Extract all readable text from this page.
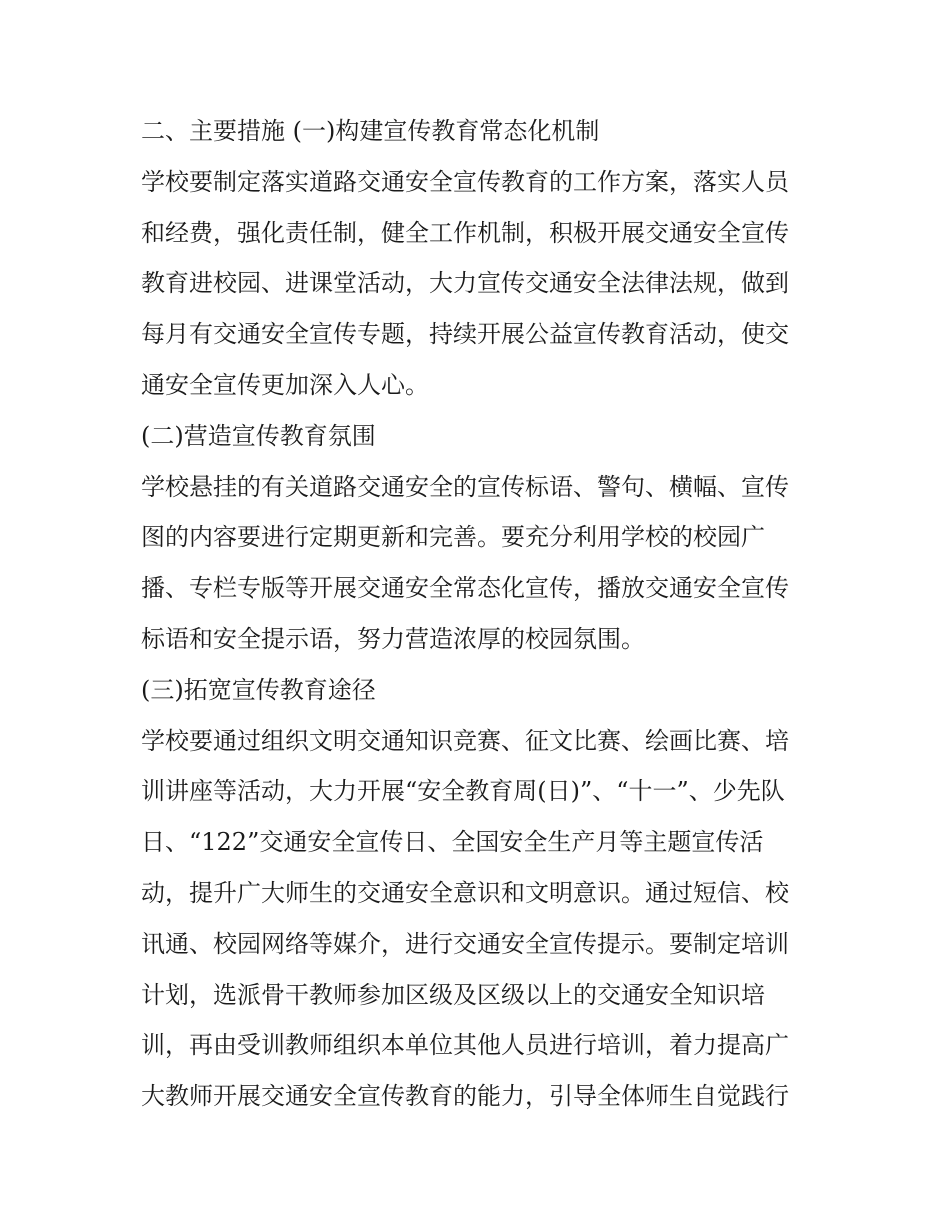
二、主要措施 (一)构建宣传教育常态化机制
学校要制定落实道路交通安全宣传教育的工作方案，落实人员
和经费，强化责任制，健全工作机制，积极开展交通安全宣传
教育进校园、进课堂活动，大力宣传交通安全法律法规，做到
每月有交通安全宣传专题，持续开展公益宣传教育活动，使交
通安全宣传更加深入人心。
(二)营造宣传教育氛围
学校悬挂的有关道路交通安全的宣传标语、警句、横幅、宣传
图的内容要进行定期更新和完善。要充分利用学校的校园广
播、专栏专版等开展交通安全常态化宣传，播放交通安全宣传
标语和安全提示语，努力营造浓厚的校园氛围。
(三)拓宽宣传教育途径
学校要通过组织文明交通知识竞赛、征文比赛、绘画比赛、培
训讲座等活动，大力开展“安全教育周(日)”、“十一”、少先队
日、“122”交通安全宣传日、全国安全生产月等主题宣传活
动，提升广大师生的交通安全意识和文明意识。通过短信、校
讯通、校园网络等媒介，进行交通安全宣传提示。要制定培训
计划，选派骨干教师参加区级及区级以上的交通安全知识培
训，再由受训教师组织本单位其他人员进行培训，着力提高广
大教师开展交通安全宣传教育的能力，引导全体师生自觉践行
